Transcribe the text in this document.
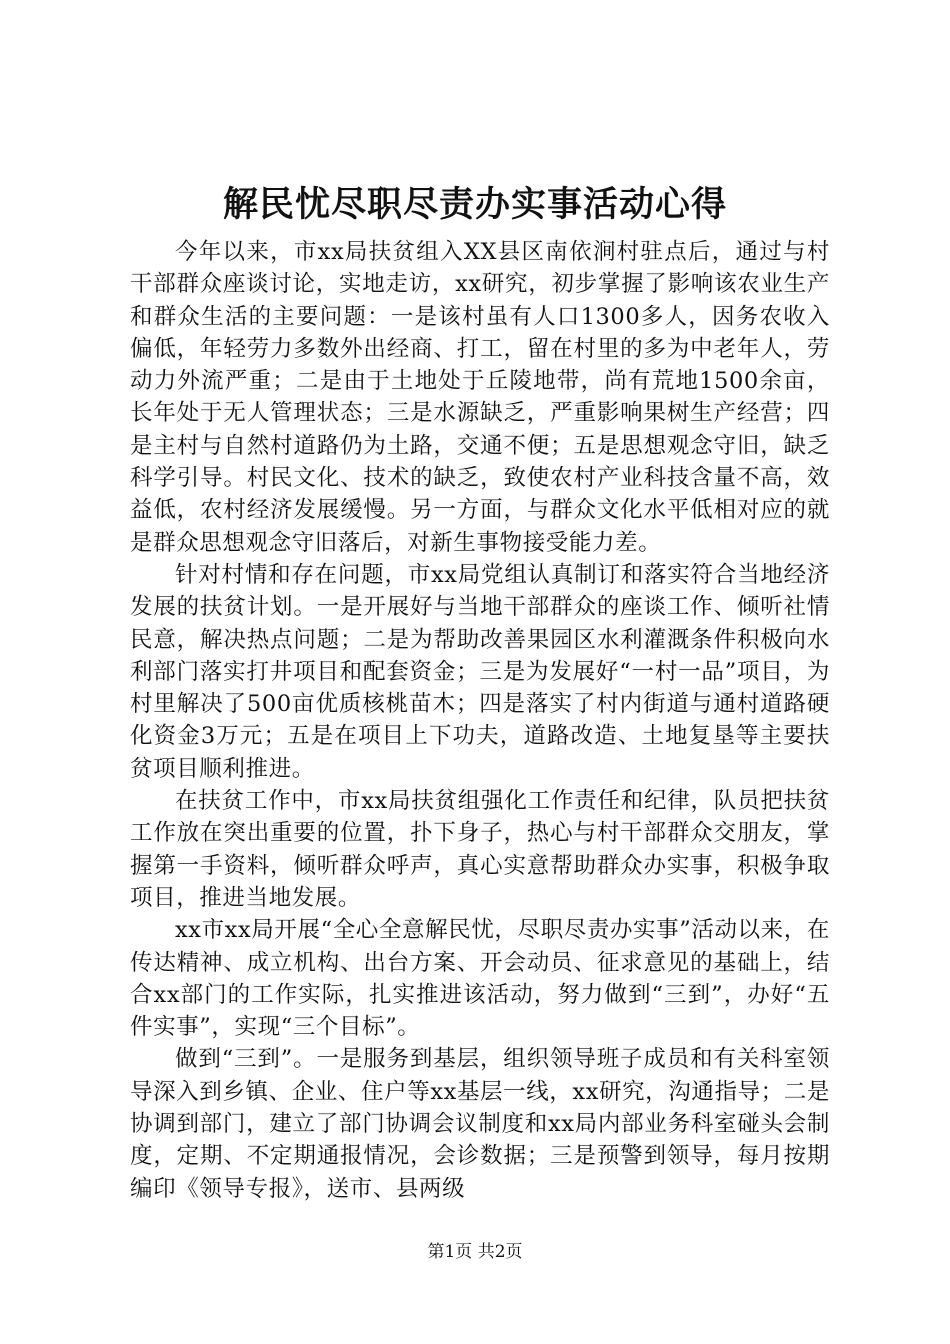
解民忧尽职尽责办实事活动心得

今年以来，市xx局扶贫组入XX县区南依涧村驻点后，通过与村干部群众座谈讨论，实地走访，xx研究，初步掌握了影响该农业生产和群众生活的主要问题：一是该村虽有人口1300多人，因务农收入偏低，年轻劳力多数外出经商、打工，留在村里的多为中老年人，劳动力外流严重；二是由于土地处于丘陵地带，尚有荒地1500余亩，长年处于无人管理状态；三是水源缺乏，严重影响果树生产经营；四是主村与自然村道路仍为土路，交通不便；五是思想观念守旧，缺乏科学引导。村民文化、技术的缺乏，致使农村产业科技含量不高，效益低，农村经济发展缓慢。另一方面，与群众文化水平低相对应的就是群众思想观念守旧落后，对新生事物接受能力差。

针对村情和存在问题，市xx局党组认真制订和落实符合当地经济发展的扶贫计划。一是开展好与当地干部群众的座谈工作、倾听社情民意，解决热点问题；二是为帮助改善果园区水利灌溉条件积极向水利部门落实打井项目和配套资金；三是为发展好“一村一品”项目，为村里解决了500亩优质核桃苗木；四是落实了村内街道与通村道路硬化资金3万元；五是在项目上下功夫，道路改造、土地复垦等主要扶贫项目顺利推进。

在扶贫工作中，市xx局扶贫组强化工作责任和纪律，队员把扶贫工作放在突出重要的位置，扑下身子，热心与村干部群众交朋友，掌握第一手资料，倾听群众呼声，真心实意帮助群众办实事，积极争取项目，推进当地发展。

xx市xx局开展“全心全意解民忧，尽职尽责办实事”活动以来，在传达精神、成立机构、出台方案、开会动员、征求意见的基础上，结合xx部门的工作实际，扎实推进该活动，努力做到“三到”，办好“五件实事”，实现“三个目标”。

做到“三到”。一是服务到基层，组织领导班子成员和有关科室领导深入到乡镇、企业、住户等xx基层一线，xx研究，沟通指导；二是协调到部门，建立了部门协调会议制度和xx局内部业务科室碰头会制度，定期、不定期通报情况，会诊数据；三是预警到领导，每月按期编印《领导专报》，送市、县两级

第1页 共2页
